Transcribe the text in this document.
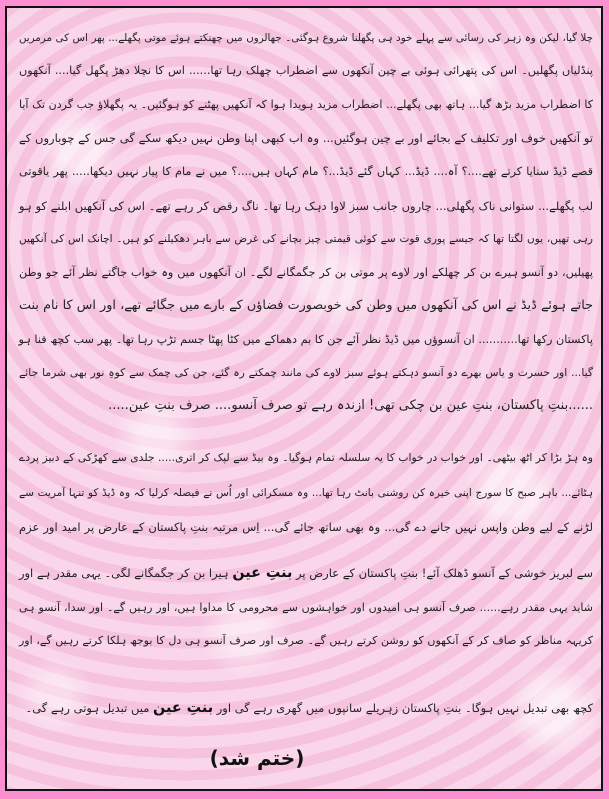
چلا گیا، لیکن وہ زہر کی رسائی سے پہلے خود ہی پگھلنا شروع ہوگئی۔ جھالروں میں چھنکتے ہوئے موتی پگھلے... پھر اس کی مرمریں
پنڈلیاں پگھلیں۔ اس کی پتھرائی ہوئی بے چین آنکھوں سے اضطراب چھلک رہا تھا...... اس کا نچلا دھڑ پگھل گیا.... آنکھوں
کا اضطراب مزید بڑھ گیا... ہاتھ بھی پگھلے... اضطراب مزید ہویدا ہوا کہ آنکھیں پھٹنے کو ہوگئیں۔ یہ پگھلاؤ جب گردن تک آیا
تو آنکھیں خوف اور تکلیف کے بجائے اور بے چین ہوگئیں... وہ اب کبھی اپنا وطن نہیں دیکھ سکے گی جس کے چوباروں کے
قصے ڈیڈ سنایا کرتے تھے....؟ آہ.... ڈیڈ... کہاں گئے ڈیڈ...؟ مام کہاں ہیں....؟ میں نے مام کا پیار نہیں دیکھا..... پھر یاقوتی
لب پگھلے... ستوانی ناک پگھلی... چاروں جانب سبز لاوا دہک رہا تھا۔ ناگ رقص کر رہے تھے۔ اس کی آنکھیں ابلنے کو ہو
رہی تھیں، یوں لگتا تھا کہ جیسے پوری قوت سے کوئی قیمتی چیز بچانے کی غرض سے باہر دھکیلنے کو ہیں۔ اچانک اس کی آنکھیں
پھیلیں، دو آنسو ہیرے بن کر چھلکے اور لاوے پر موتی بن کر جگمگانے لگے۔ ان آنکھوں میں وہ خواب جاگتے نظر آئے جو وطن
جاتے ہوئے ڈیڈ نے اس کی آنکھوں میں وطن کی خوبصورت فضاؤں کے بارے میں جگائے تھے، اور اس کا نام بنت
پاکستان رکھا تھا........... ان آنسوؤں میں ڈیڈ نظر آئے جن کا بم دھماکے میں کٹا پھٹا جسم تڑپ رہا تھا۔ پھر سب کچھ فنا ہو
گیا... اور حسرت و یاس بھرے دو آنسو دہکتے ہوئے سبز لاوے کی مانند چمکتے رہ گئے، جن کی چمک سے کوہِ نور بھی شرما جائے
......بنتِ پاکستان، بنتِ عین بن چکی تھی! ازندہ رہے تو صرف آنسو.... صرف بنتِ عین.....
وہ ہڑ بڑا کر اٹھ بیٹھی۔ اور خواب در خواب کا یہ سلسلہ تمام ہوگیا۔ وہ بیڈ سے لپک کر اتری..... جلدی سے کھڑکی کے دبیز پردے
ہٹائے... باہر صبح کا سورج اپنی خیرہ کن روشنی بانٹ رہا تھا... وہ مسکرائی اور اُس نے فیصلہ کرلیا کہ وہ ڈیڈ کو تنہا آمریت سے
لڑنے کے لیے وطن واپس نہیں جانے دے گی... وہ بھی ساتھ جائے گی... اِس مرتبہ بنتِ پاکستان کے عارض پر امید اور عزم
سے لبریز خوشی کے آنسو ڈھلک آئے! بنتِ پاکستان کے عارض پر بنتِ عین ہیرا بن کر جگمگانے لگی۔ یہی مقدر ہے اور
شاید یہی مقدر رہے...... صرف آنسو ہی امیدوں اور خواہشوں سے محرومی کا مداوا ہیں، اور رہیں گے۔ اور سدا، آنسو ہی
کریہہ مناظر کو صاف کر کے آنکھوں کو روشن کرتے رہیں گے۔ صرف اور صرف آنسو ہی دل کا بوجھ ہلکا کرتے رہیں گے، اور
کچھ بھی تبدیل نہیں ہوگا۔ بنتِ پاکستان زہریلے سانپوں میں گھری رہے گی اور بنتِ عین میں تبدیل ہوتی رہے گی۔
(ختم شد)
